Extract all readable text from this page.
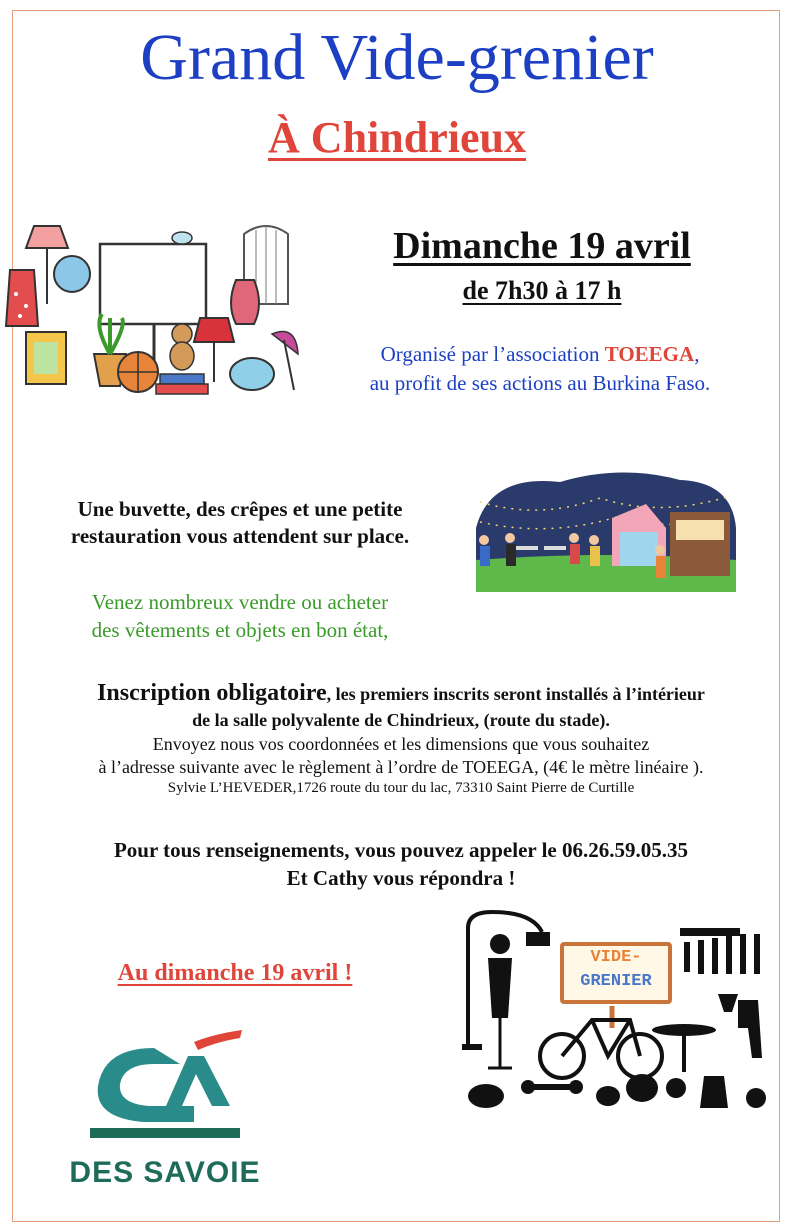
Grand Vide-grenier
À Chindrieux
Dimanche 19 avril
de 7h30 à 17 h
Organisé par l’association TOEEGA,
au profit de ses actions au Burkina Faso.
Une buvette, des crêpes et une petite
restauration vous attendent sur place.
Venez nombreux vendre ou acheter
des vêtements et objets en bon état,
Inscription obligatoire, les premiers inscrits seront installés à l’intérieur
de la salle polyvalente de Chindrieux, (route du stade).
Envoyez nous vos coordonnées et les dimensions que vous souhaitez
à l’adresse suivante avec le règlement à l’ordre de TOEEGA, (4€ le mètre linéaire ).
Sylvie L’HEVEDER,1726 route du tour du lac, 73310 Saint Pierre de Curtille
Pour tous renseignements, vous pouvez appeler le 06.26.59.05.35
Et Cathy vous répondra !
Au dimanche 19 avril !
DES SAVOIE
VIDE-
GRENIER
